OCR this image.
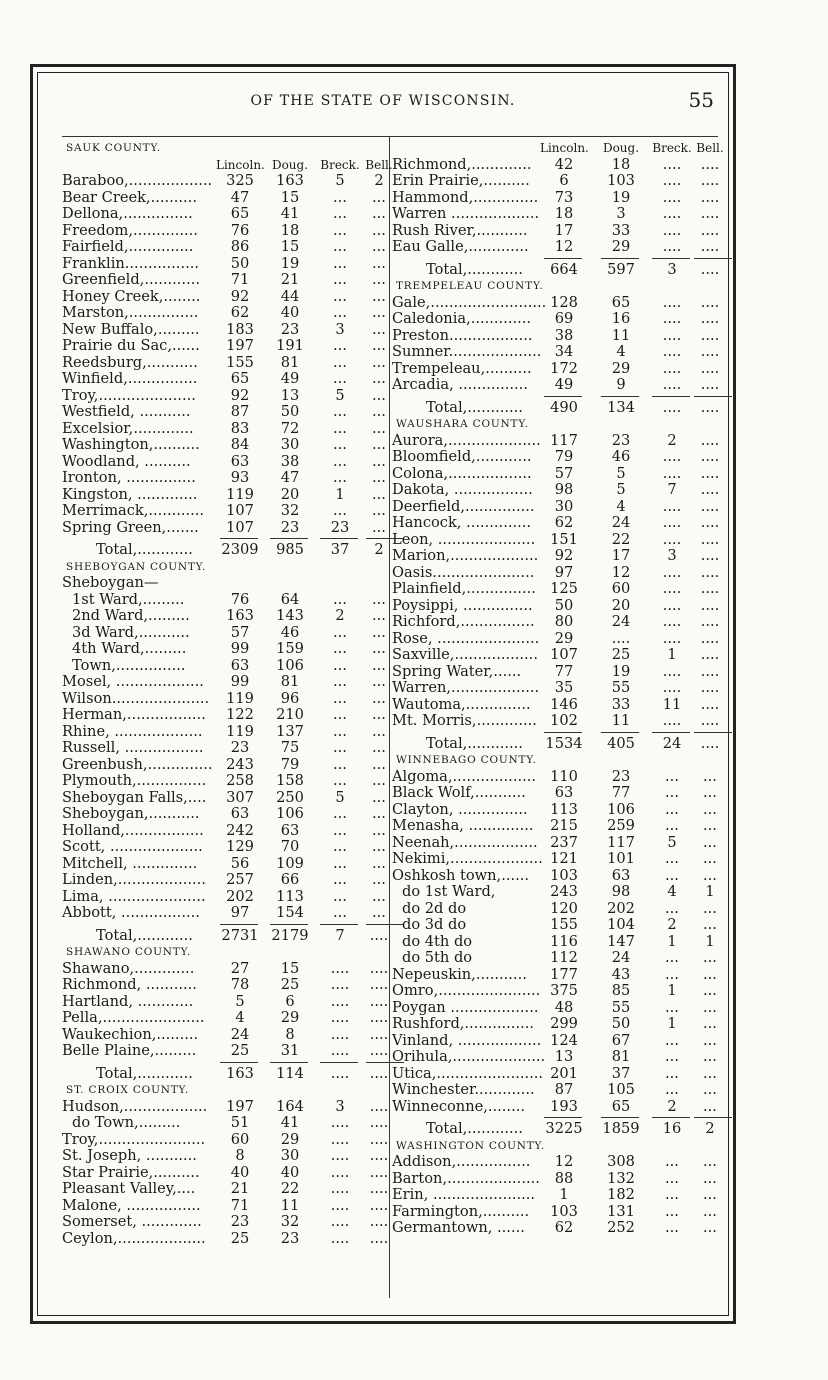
OF THE STATE OF WISCONSIN.	55
SAUK COUNTY.
Lincoln. Doug.	Breck. Bell.
Baraboo,.................. 325	163	5	2
Bear Creek,..........	47	15	...	...
Dellona,...............	65	41	...	...
Freedom,..............	76	18	...	...
Fairfield,..............	86	15	...	...
Franklin................	50	19	...	...
Greenfield,............	71	21	...	...
Honey Creek,........	92	44	...	...
Marston,...............	62	40	...	...
New Buffalo,.........	183	23	3	...
Prairie du Sac,......	197	191	...	...
Reedsburg,...........	155	81	...	...
Winfield,...............	65	49	...	...
Troy,.....................	92	13	5	...
Westfield, ...........	87	50	...	...
Excelsior,.............	83	72	...	...
Washington,..........	84	30	...	...
Woodland, ..........	63	38	...	...
Ironton, ...............	93	47	...	...
Kingston, .............	119	20	1	...
Merrimack,............	107	32	...	...
Spring Green,.......	107	23	23	...
Total,............	2309	985	37	2
SHEBOYGAN COUNTY.
Sheboygan—
1st Ward,.........	76	64	...	...
2nd Ward,.........	163	143	2	...
3d Ward,...........	57	46	...	...
4th Ward,.........	99	159	...	...
Town,...............	63	106	...	...
Mosel, ...................	99	81	...	...
Wilson.....................	119	96	...	...
Herman,.................	122	210	...	...
Rhine, ...................	119	137	...	...
Russell, .................	23	75	...	...
Greenbush,.............. 243	79	...	...
Plymouth,...............	258	158	...	...
Sheboygan Falls,....	307	250	5	...
Sheboygan,...........	63	106	...	...
Holland,.................	242	63	...	...
Scott, ....................	129	70	...	...
Mitchell, ..............	56	109	...	...
Linden,...................	257	66	...	...
Lima, .....................	202	113	...	...
Abbott, .................	97	154	...	...
Total,............	2731 2179	7	....
SHAWANO COUNTY.
Shawano,.............	27	15	....	....
Richmond, ...........	78	25	....	....
Hartland, ............	5	6	....	....
Pella,......................	4	29	....	....
Waukechion,.........	24	8	....	....
Belle Plaine,.........	25	31	....	....
Total,............	163	114	....	....
ST. CROIX COUNTY.
Hudson,..................	197	164	3	....
do Town,.........	51	41	....	....
Troy,.......................	60	29	....	....
St. Joseph, ...........	8	30	....	....
Star Prairie,..........	40	40	....	....
Pleasant Valley,....	21	22	....	....
Malone, ................	71	11	....	....
Somerset, .............	23	32	....	....
Ceylon,...................	25	23	....	....
Lincoln.	Doug.	Breck. Bell.
Richmond,.............	42	18	....	....
Erin Prairie,..........	6	103	....	....
Hammond,..............	73	19	....	....
Warren ...................	18	3	....	....
Rush River,...........	17	33	....	....
Eau Galle,.............	12	29	....	....
Total,............	664	597	3	....
TREMPELEAU COUNTY.
Gale,......................... 128	65	....	....
Caledonia,.............	69	16	....	....
Preston..................	38	11	....	....
Sumner.................... 34	4	....	....
Trempeleau,..........	172	29	....	....
Arcadia, ...............	49	9	....	....
Total,............	490	134	....	....
WAUSHARA COUNTY.
Aurora,.................... 117	23	2	....
Bloomfield,............	79	46	....	....
Colona,..................	57	5	....	....
Dakota, .................	98	5	7	....
Deerfield,...............	30	4	....	....
Hancock, ..............	62	24	....	....
Leon, .....................	151	22	....	....
Marion,...................	92	17	3	....
Oasis......................	97	12	....	....
Plainfield,............... 125	60	....	....
Poysippi, ...............	50	20	....	....
Richford,................	80	24	....	....
Rose, ......................	29	....	....	....
Saxville,.................. 107	25	1	....
Spring Water,......	77	19	....	....
Warren,...................	35	55	....	....
Wautoma,..............	146	33	11	....
Mt. Morris,............. 102	11	....	....
Total,............	1534	405	24	....
WINNEBAGO COUNTY.
Algoma,.................. 110	23	...	...
Black Wolf,...........	63	77	...	...
Clayton, ...............	113	106	...	...
Menasha, ..............	215	259	...	...
Neenah,.................. 237	117	5	...
Nekimi,.................... 121	101	...	...
Oshkosh town,......	103	63	...	...
do 1st Ward,	243	98	4	1
do 2d do	120	202	...	...
do 3d do	155	104	2	...
do 4th do	116	147	1	1
do 5th do	112	24	...	...
Nepeuskin,...........	177	43	...	...
Omro,...................... 375	85	1	...
Poygan ...................	48	55	...	...
Rushford,...............	299	50	1	...
Vinland, .................. 124	67	...	...
Orihula,.................... 13	81	...	...
Utica,....................... 201	37	...	...
Winchester.............	87	105	...	...
Winneconne,........	193	65	2	...
Total,............	3225	1859	16	2
WASHINGTON COUNTY.
Addison,................	12	308	...	...
Barton,....................	88	132	...	...
Erin, ......................	1	182	...	...
Farmington,..........	103	131	...	...
Germantown, ......	62	252	...	...
